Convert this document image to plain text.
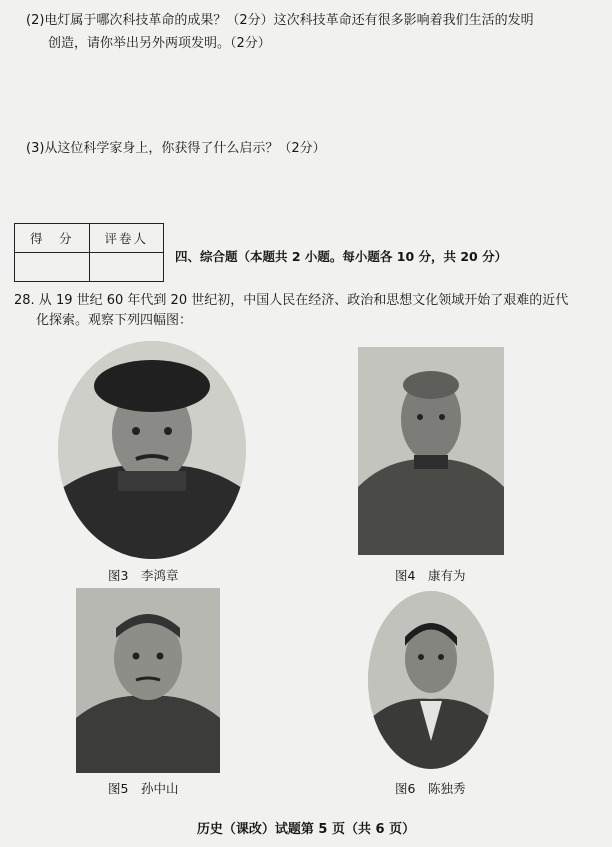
(2)电灯属于哪次科技革命的成果？（2分）这次科技革命还有很多影响着我们生活的发明
创造，请你举出另外两项发明。（2分）
(3)从这位科学家身上，你获得了什么启示？（2分）
得　分	评卷人

四、综合题（本题共 2 小题。每小题各 10 分，共 20 分）
28. 从 19 世纪 60 年代到 20 世纪初，中国人民在经济、政治和思想文化领域开始了艰难的近代
化探索。观察下列四幅图：
图3　李鸿章	图4　康有为
图5　孙中山	图6　陈独秀
历史（课改）试题第 5 页（共 6 页）
